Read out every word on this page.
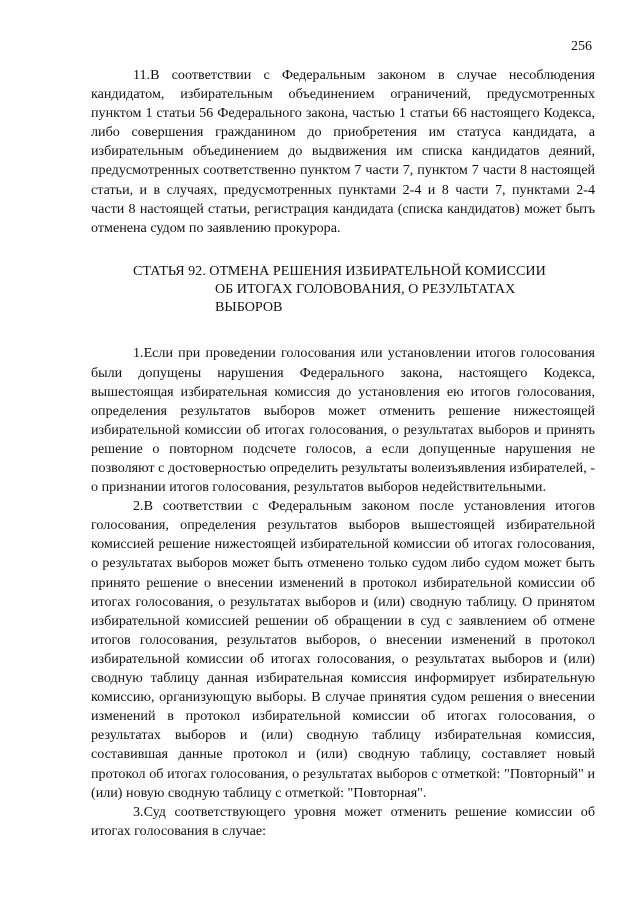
256

11.В соответствии с Федеральным законом в случае несоблюдения кандидатом, избирательным объединением ограничений, предусмотренных пунктом 1 статьи 56 Федерального закона, частью 1 статьи 66 настоящего Кодекса, либо совершения гражданином до приобретения им статуса кандидата, а избирательным объединением до выдвижения им списка кандидатов деяний, предусмотренных соответственно пунктом 7 части 7, пунктом 7 части 8 настоящей статьи, и в случаях, предусмотренных пунктами 2-4 и 8 части 7, пунктами 2-4 части 8 настоящей статьи, регистрация кандидата (списка кандидатов) может быть отменена судом по заявлению прокурора.

СТАТЬЯ 92. ОТМЕНА РЕШЕНИЯ ИЗБИРАТЕЛЬНОЙ КОМИССИИ
ОБ ИТОГАХ ГОЛОВОВАНИЯ, О РЕЗУЛЬТАТАХ ВЫБОРОВ

1.Если при проведении голосования или установлении итогов голосования были допущены нарушения Федерального закона, настоящего Кодекса, вышестоящая избирательная комиссия до установления ею итогов голосования, определения результатов выборов может отменить решение нижестоящей избирательной комиссии об итогах голосования, о результатах выборов и принять решение о повторном подсчете голосов, а если допущенные нарушения не позволяют с достоверностью определить результаты волеизъявления избирателей, - о признании итогов голосования, результатов выборов недействительными.

2.В соответствии с Федеральным законом после установления итогов голосования, определения результатов выборов вышестоящей избирательной комиссией решение нижестоящей избирательной комиссии об итогах голосования, о результатах выборов может быть отменено только судом либо судом может быть принято решение о внесении изменений в протокол избирательной комиссии об итогах голосования, о результатах выборов и (или) сводную таблицу. О принятом избирательной комиссией решении об обращении в суд с заявлением об отмене итогов голосования, результатов выборов, о внесении изменений в протокол избирательной комиссии об итогах голосования, о результатах выборов и (или) сводную таблицу данная избирательная комиссия информирует избирательную комиссию, организующую выборы. В случае принятия судом решения о внесении изменений в протокол избирательной комиссии об итогах голосования, о результатах выборов и (или) сводную таблицу избирательная комиссия, составившая данные протокол и (или) сводную таблицу, составляет новый протокол об итогах голосования, о результатах выборов с отметкой: "Повторный" и (или) новую сводную таблицу с отметкой: "Повторная".

3.Суд соответствующего уровня может отменить решение комиссии об итогах голосования в случае:
